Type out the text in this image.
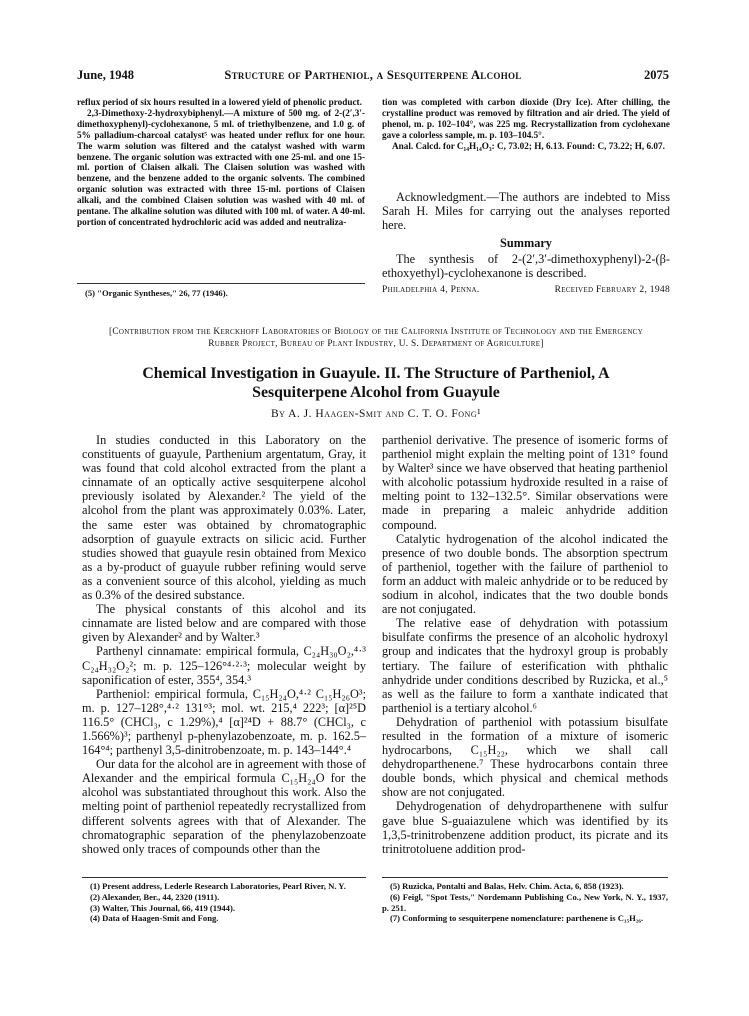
June, 1948	Structure of Partheniol, a Sesquiterpene Alcohol	2075

reflux period of six hours resulted in a lowered yield of phenolic product.

2,3-Dimethoxy-2-hydroxybiphenyl.—A mixture of 500 mg. of 2-(2′,3′-dimethoxyphenyl)-cyclohexanone, 5 ml. of triethylbenzene, and 1.0 g. of 5% palladium-charcoal catalyst⁵ was heated under reflux for one hour. The warm solution was filtered and the catalyst washed with warm benzene. The organic solution was extracted with one 25-ml. and one 15-ml. portion of Claisen alkali. The Claisen solution was washed with benzene, and the benzene added to the organic solvents. The combined organic solution was extracted with three 15-ml. portions of Claisen alkali, and the combined Claisen solution was washed with 40 ml. of pentane. The alkaline solution was diluted with 100 ml. of water. A 40-ml. portion of concentrated hydrochloric acid was added and neutraliza-

(5) "Organic Syntheses," 26, 77 (1946).

tion was completed with carbon dioxide (Dry Ice). After chilling, the crystalline product was removed by filtration and air dried. The yield of phenol, m. p. 102–104°, was 225 mg. Recrystallization from cyclohexane gave a colorless sample, m. p. 103–104.5°.

Anal. Calcd. for C₁₄H₁₄O₃: C, 73.02; H, 6.13. Found: C, 73.22; H, 6.07.

Acknowledgment.—The authors are indebted to Miss Sarah H. Miles for carrying out the analyses reported here.

Summary

The synthesis of 2-(2′,3′-dimethoxyphenyl)-2-(β-ethoxyethyl)-cyclohexanone is described.

Philadelphia 4, Penna.	Received February 2, 1948
[Contribution from the Kerckhoff Laboratories of Biology of the California Institute of Technology and the Emergency Rubber Project, Bureau of Plant Industry, U. S. Department of Agriculture]
Chemical Investigation in Guayule. II. The Structure of Partheniol, A Sesquiterpene Alcohol from Guayule
By A. J. Haagen-Smit and C. T. O. Fong¹

In studies conducted in this Laboratory on the constituents of guayule, Parthenium argentatum, Gray, it was found that cold alcohol extracted from the plant a cinnamate of an optically active sesquiterpene alcohol previously isolated by Alexander.² The yield of the alcohol from the plant was approximately 0.03%. Later, the same ester was obtained by chromatographic adsorption of guayule extracts on silicic acid. Further studies showed that guayule resin obtained from Mexico as a by-product of guayule rubber refining would serve as a convenient source of this alcohol, yielding as much as 0.3% of the desired substance.

The physical constants of this alcohol and its cinnamate are listed below and are compared with those given by Alexander² and by Walter.³

Parthenyl cinnamate: empirical formula, C₂₄H₃₀O₂,⁴·³ C₂₄H₃₂O₂²; m. p. 125–126°⁴·²·³; molecular weight by saponification of ester, 355⁴, 354.³

Partheniol: empirical formula, C₁₅H₂₄O,⁴·² C₁₅H₂₆O³; m. p. 127–128°,⁴·² 131°³; mol. wt. 215,⁴ 222³; [α]²⁵D 116.5° (CHCl₃, c 1.29%),⁴ [α]²⁴D + 88.7° (CHCl₃, c 1.566%)³; parthenyl p-phenylazobenzoate, m. p. 162.5–164°⁴; parthenyl 3,5-dinitrobenzoate, m. p. 143–144°.⁴

Our data for the alcohol are in agreement with those of Alexander and the empirical formula C₁₅H₂₄O for the alcohol was substantiated throughout this work. Also the melting point of partheniol repeatedly recrystallized from different solvents agrees with that of Alexander. The chromatographic separation of the phenylazobenzoate showed only traces of compounds other than the

(1) Present address, Lederle Research Laboratories, Pearl River, N. Y.

(2) Alexander, Ber., 44, 2320 (1911).

(3) Walter, This Journal, 66, 419 (1944).

(4) Data of Haagen-Smit and Fong.

partheniol derivative. The presence of isomeric forms of partheniol might explain the melting point of 131° found by Walter³ since we have observed that heating partheniol with alcoholic potassium hydroxide resulted in a raise of melting point to 132–132.5°. Similar observations were made in preparing a maleic anhydride addition compound.

Catalytic hydrogenation of the alcohol indicated the presence of two double bonds. The absorption spectrum of partheniol, together with the failure of partheniol to form an adduct with maleic anhydride or to be reduced by sodium in alcohol, indicates that the two double bonds are not conjugated.

The relative ease of dehydration with potassium bisulfate confirms the presence of an alcoholic hydroxyl group and indicates that the hydroxyl group is probably tertiary. The failure of esterification with phthalic anhydride under conditions described by Ruzicka, et al.,⁵ as well as the failure to form a xanthate indicated that partheniol is a tertiary alcohol.⁶

Dehydration of partheniol with potassium bisulfate resulted in the formation of a mixture of isomeric hydrocarbons, C₁₅H₂₂, which we shall call dehydroparthenene.⁷ These hydrocarbons contain three double bonds, which physical and chemical methods show are not conjugated.

Dehydrogenation of dehydroparthenene with sulfur gave blue S-guaiazulene which was identified by its 1,3,5-trinitrobenzene addition product, its picrate and its trinitrotoluene addition prod-

(5) Ruzicka, Pontalti and Balas, Helv. Chim. Acta, 6, 858 (1923).

(6) Feigl, "Spot Tests," Nordemann Publishing Co., New York, N. Y., 1937, p. 251.

(7) Conforming to sesquiterpene nomenclature: parthenene is C₁₅H₂₆.
